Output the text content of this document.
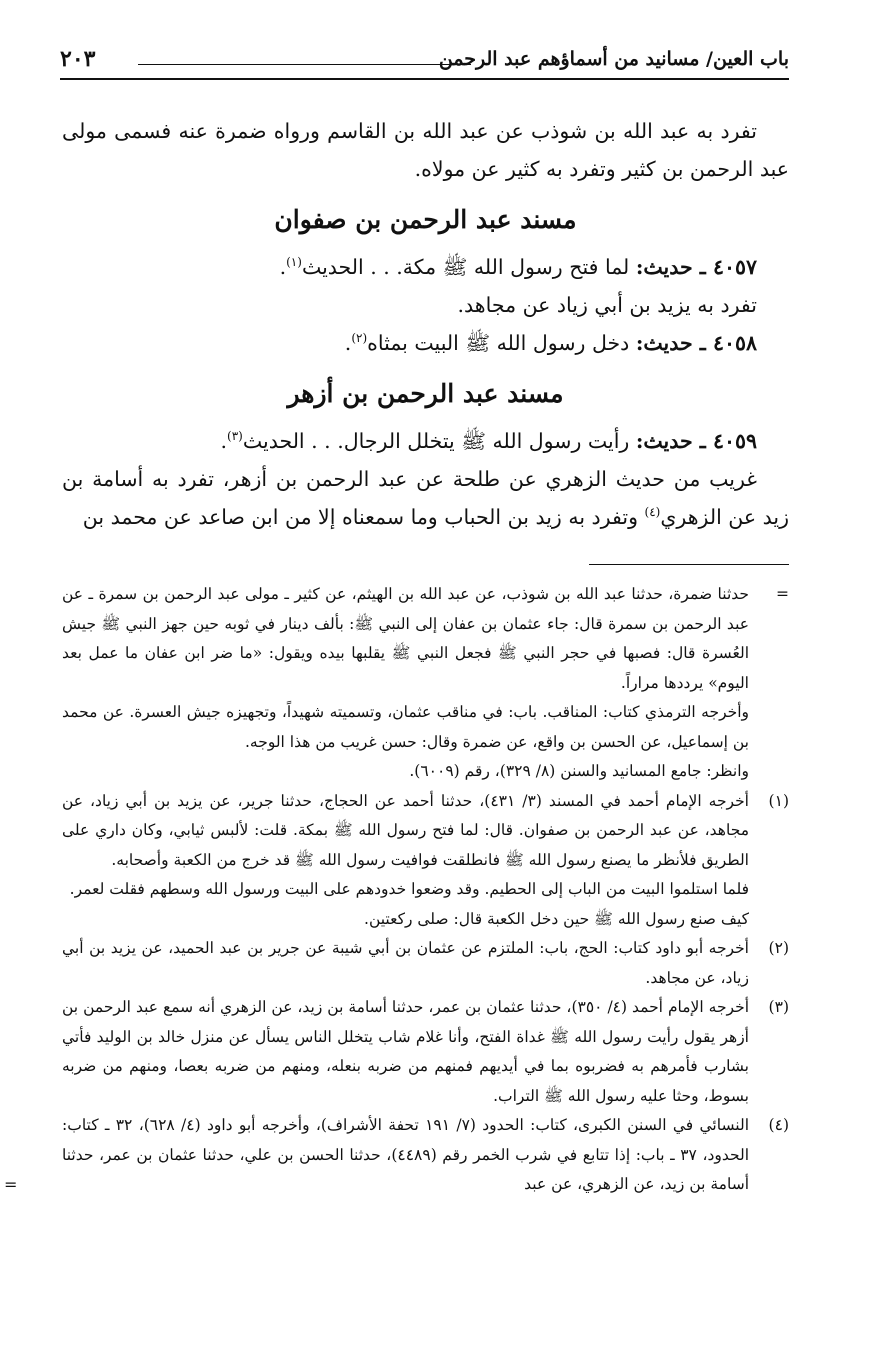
باب العين/ مسانيد من أسماؤهم عبد الرحمن
٢٠٣

تفرد به عبد الله بن شوذب عن عبد الله بن القاسم ورواه ضمرة عنه فسمى مولى عبد الرحمن بن كثير وتفرد به كثير عن مولاه.

مسند عبد الرحمن بن صفوان

٤٠٥٧ ـ حديث: لما فتح رسول الله ﷺ مكة. . . الحديث$^{(١)}$.

تفرد به يزيد بن أبي زياد عن مجاهد.

٤٠٥٨ ـ حديث: دخل رسول الله ﷺ البيت بمثاه$^{(٢)}$.

مسند عبد الرحمن بن أزهر

٤٠٥٩ ـ حديث: رأيت رسول الله ﷺ يتخلل الرجال. . . الحديث$^{(٣)}$.

غريب من حديث الزهري عن طلحة عن عبد الرحمن بن أزهر، تفرد به أسامة بن زيد عن الزهري$^{(٤)}$ وتفرد به زيد بن الحباب وما سمعناه إلا من ابن صاعد عن محمد بن

=

حدثنا ضمرة، حدثنا عبد الله بن شوذب، عن عبد الله بن الهيثم، عن كثير ـ مولى عبد الرحمن بن سمرة ـ عن عبد الرحمن بن سمرة قال: جاء عثمان بن عفان إلى النبي ﷺ: بألف دينار في ثوبه حين جهز النبي ﷺ جيش العُسرة قال: فصبها في حجر النبي ﷺ فجعل النبي ﷺ يقلبها بيده ويقول: «ما ضر ابن عفان ما عمل بعد اليوم» يرددها مراراً.

وأخرجه الترمذي كتاب: المناقب. باب: في مناقب عثمان، وتسميته شهيداً، وتجهيزه جيش العسرة. عن محمد بن إسماعيل، عن الحسن بن واقع، عن ضمرة وقال: حسن غريب من هذا الوجه.

وانظر: جامع المسانيد والسنن (٨/ ٣٢٩)، رقم (٦٠٠٩).

(١)

أخرجه الإمام أحمد في المسند (٣/ ٤٣١)، حدثنا أحمد عن الحجاج، حدثنا جرير، عن يزيد بن أبي زياد، عن مجاهد، عن عبد الرحمن بن صفوان. قال: لما فتح رسول الله ﷺ بمكة. قلت: لألبس ثيابي، وكان داري على الطريق فلأنظر ما يصنع رسول الله ﷺ فانطلقت فوافيت رسول الله ﷺ قد خرج من الكعبة وأصحابه.

فلما استلموا البيت من الباب إلى الحطيم. وقد وضعوا خدودهم على البيت ورسول الله وسطهم فقلت لعمر.

كيف صنع رسول الله ﷺ حين دخل الكعبة قال: صلى ركعتين.

(٢)

أخرجه أبو داود كتاب: الحج، باب: الملتزم عن عثمان بن أبي شيبة عن جرير بن عبد الحميد، عن يزيد بن أبي زياد، عن مجاهد.

(٣)

أخرجه الإمام أحمد (٤/ ٣٥٠)، حدثنا عثمان بن عمر، حدثنا أسامة بن زيد، عن الزهري أنه سمع عبد الرحمن بن أزهر يقول رأيت رسول الله ﷺ غداة الفتح، وأنا غلام شاب يتخلل الناس يسأل عن منزل خالد بن الوليد فأتي بشارب فأمرهم به فضربوه بما في أيديهم فمنهم من ضربه بنعله، ومنهم من ضربه بعصا، ومنهم من ضربه بسوط، وحثا عليه رسول الله ﷺ التراب.

(٤)

النسائي في السنن الكبرى، كتاب: الحدود (٧/ ١٩١ تحفة الأشراف)، وأخرجه أبو داود (٤/ ٦٢٨)، ٣٢ ـ كتاب: الحدود، ٣٧ ـ باب: إذا تتابع في شرب الخمر رقم (٤٤٨٩)، حدثنا الحسن بن علي، حدثنا عثمان بن عمر، حدثنا أسامة بن زيد، عن الزهري، عن عبد

=
